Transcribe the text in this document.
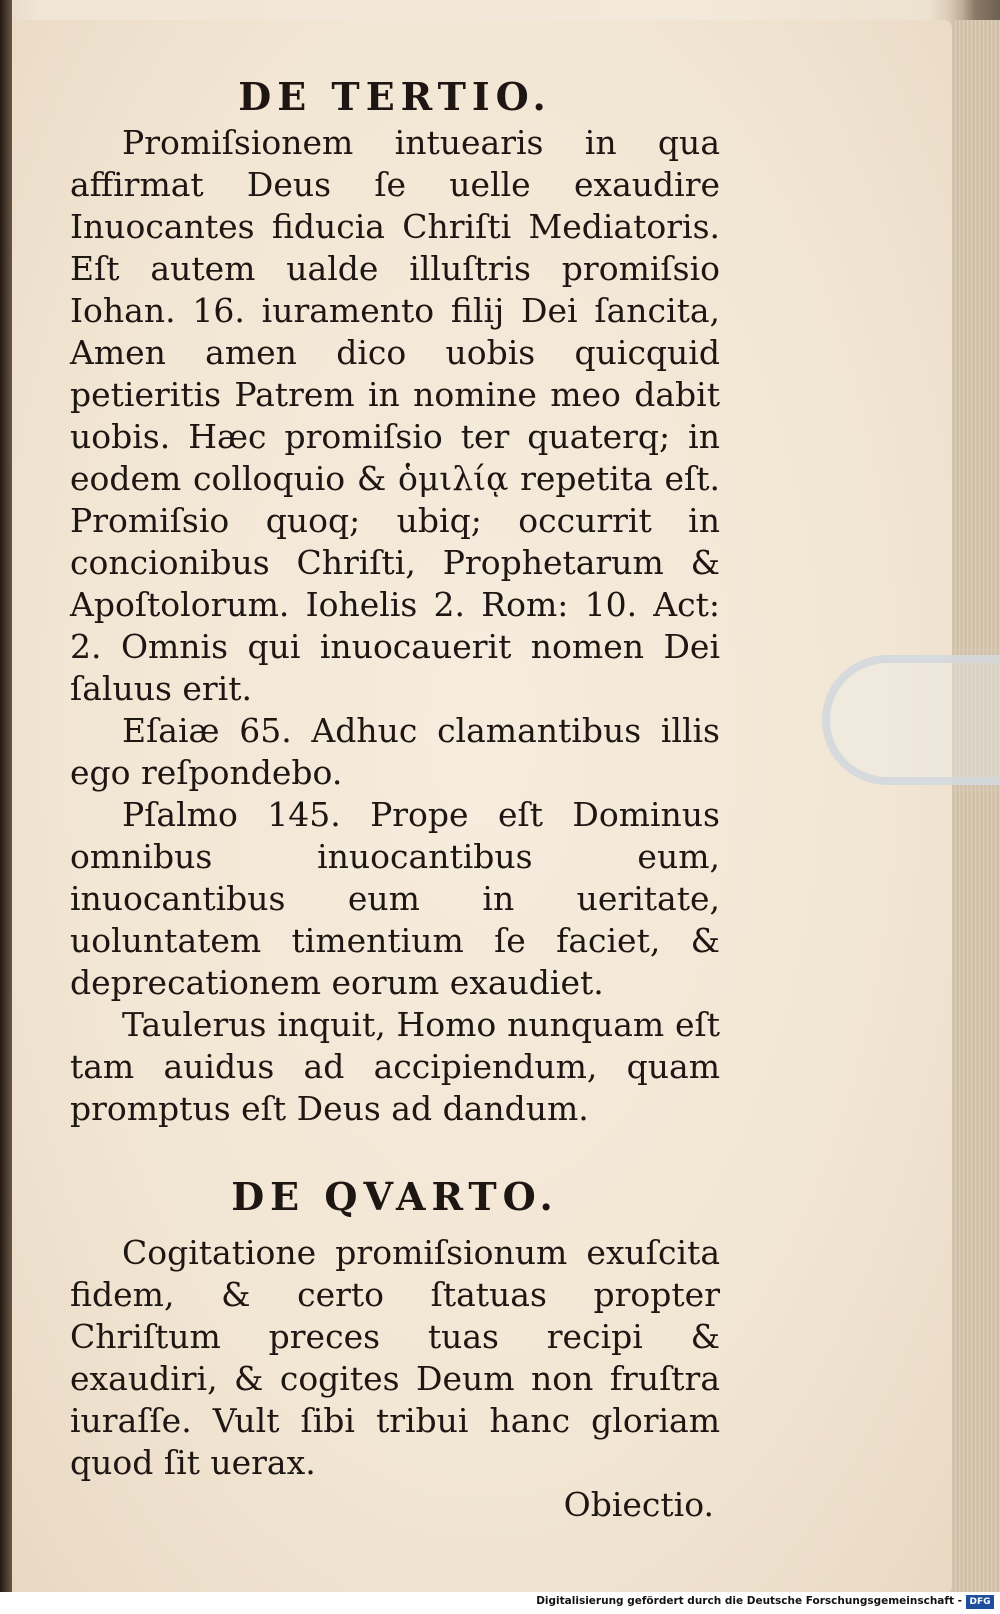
DE TERTIO.

Promiſsionem intuearis in qua affirmat Deus ſe uelle exaudire Inuocantes fiducia Chriſti Mediatoris. Eſt autem ualde illuſtris promiſsio Iohan. 16. iuramento filij Dei ſancita, Amen amen dico uobis quicquid petieritis Patrem in nomine meo dabit uobis. Hæc promiſsio ter quaterq; in eodem colloquio & ὁμιλίᾳ repetita eſt. Promiſsio quoq; ubiq; occurrit in concionibus Chriſti, Prophetarum & Apoſtolorum. Iohelis 2. Rom: 10. Act: 2. Omnis qui inuocauerit nomen Dei ſaluus erit.

Eſaiæ 65. Adhuc clamantibus illis ego reſpondebo.

Pſalmo 145. Prope eſt Dominus omnibus inuocantibus eum, inuocantibus eum in ueritate, uoluntatem timentium ſe faciet, & deprecationem eorum exaudiet.

Taulerus inquit, Homo nunquam eſt tam auidus ad accipiendum, quam promptus eſt Deus ad dandum.

DE QVARTO.

Cogitatione promiſsionum exuſcita fidem, & certo ſtatuas propter Chriſtum preces tuas recipi & exaudiri, & cogites Deum non fruſtra iuraſſe. Vult ſibi tribui hanc gloriam quod ſit uerax.

Obiectio.

Digitalisierung gefördert durch die Deutsche Forschungsgemeinschaft - DFG
